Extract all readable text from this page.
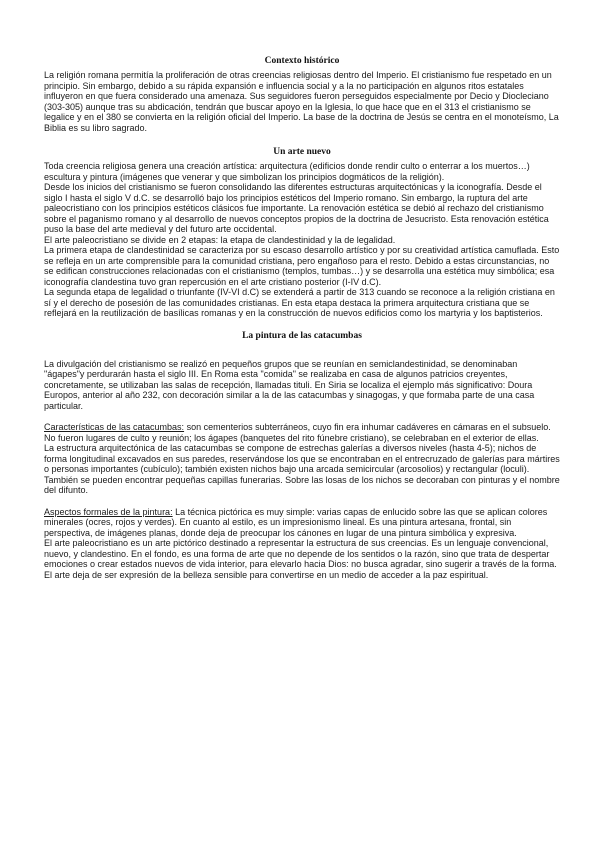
Contexto histórico

La religión romana permitía la proliferación de otras creencias religiosas dentro del Imperio. El cristianismo fue respetado en un principio. Sin embargo, debido a su rápida expansión e influencia social y a la no participación en algunos ritos estatales influyeron en que fuera considerado una amenaza. Sus seguidores fueron perseguidos especialmente por Decio y Diocleciano (303-305) aunque tras su abdicación, tendrán que buscar apoyo en la Iglesia, lo que hace que en el 313 el cristianismo se legalice y en el 380 se convierta en la religión oficial del Imperio. La base de la doctrina de Jesús se centra en el monoteísmo, La Biblia es su libro sagrado.

Un arte nuevo

Toda creencia religiosa genera una creación artística: arquitectura (edificios donde rendir culto o enterrar a los muertos…) escultura y pintura (imágenes que venerar y que simbolizan los principios dogmáticos de la religión).

Desde los inicios del cristianismo se fueron consolidando las diferentes estructuras arquitectónicas y la iconografía. Desde el siglo I hasta el siglo V d.C. se desarrolló bajo los principios estéticos del Imperio romano. Sin embargo, la ruptura del arte paleocristiano con los principios estéticos clásicos fue importante. La renovación estética se debió al rechazo del cristianismo sobre el paganismo romano y al desarrollo de nuevos conceptos propios de la doctrina de Jesucristo. Esta renovación estética puso la base del arte medieval y del futuro arte occidental.

El arte paleocristiano se divide en 2 etapas: la etapa de clandestinidad y la de legalidad.

La primera etapa de clandestinidad se caracteriza por su escaso desarrollo artístico y por su creatividad artística camuflada. Esto se refleja en un arte comprensible para la comunidad cristiana, pero engañoso para el resto. Debido a estas circunstancias, no se edifican construcciones relacionadas con el cristianismo (templos, tumbas…) y se desarrolla una estética muy simbólica; esa iconografía clandestina tuvo gran repercusión en el arte cristiano posterior (I-IV d.C).

La segunda etapa de legalidad o triunfante (IV-VI d.C) se extenderá a partir de 313 cuando se reconoce a la religión cristiana en sí y el derecho de posesión de las comunidades cristianas. En esta etapa destaca la primera arquitectura cristiana que se reflejará en la reutilización de basílicas romanas y en la construcción de nuevos edificios como los martyria y los baptisterios.

La pintura de las catacumbas

La divulgación del cristianismo se realizó en pequeños grupos que se reunían en semiclandestinidad, se denominaban "ágapes"y perdurarán hasta el siglo III. En Roma esta "comida" se realizaba en casa de algunos patricios creyentes, concretamente, se utilizaban las salas de recepción, llamadas tituli. En Siria se localiza el ejemplo más significativo: Doura Europos, anterior al año 232, con decoración similar a la de las catacumbas y sinagogas, y que formaba parte de una casa particular.

Características de las catacumbas: son cementerios subterráneos, cuyo fin era inhumar cadáveres en cámaras en el subsuelo. No fueron lugares de culto y reunión; los ágapes (banquetes del rito fúnebre cristiano), se celebraban en el exterior de ellas.

La estructura arquitectónica de las catacumbas se compone de estrechas galerías a diversos niveles (hasta 4-5); nichos de forma longitudinal excavados en sus paredes, reservándose los que se encontraban en el entrecruzado de galerías para mártires o personas importantes (cubículo); también existen nichos bajo una arcada semicircular (arcosolios) y rectangular (loculi). También se pueden encontrar pequeñas capillas funerarias. Sobre las losas de los nichos se decoraban con pinturas y el nombre del difunto.

Aspectos formales de la pintura: La técnica pictórica es muy simple: varias capas de enlucido sobre las que se aplican colores minerales (ocres, rojos y verdes). En cuanto al estilo, es un impresionismo lineal. Es una pintura artesana, frontal, sin perspectiva, de imágenes planas, donde deja de preocupar los cánones en lugar de una pintura simbólica y expresiva.

El arte paleocristiano es un arte pictórico destinado a representar la estructura de sus creencias. Es un lenguaje convencional, nuevo, y clandestino. En el fondo, es una forma de arte que no depende de los sentidos o la razón, sino que trata de despertar emociones o crear estados nuevos de vida interior, para elevarlo hacia Dios: no busca agradar, sino sugerir a través de la forma. El arte deja de ser expresión de la belleza sensible para convertirse en un medio de acceder a la paz espiritual.
